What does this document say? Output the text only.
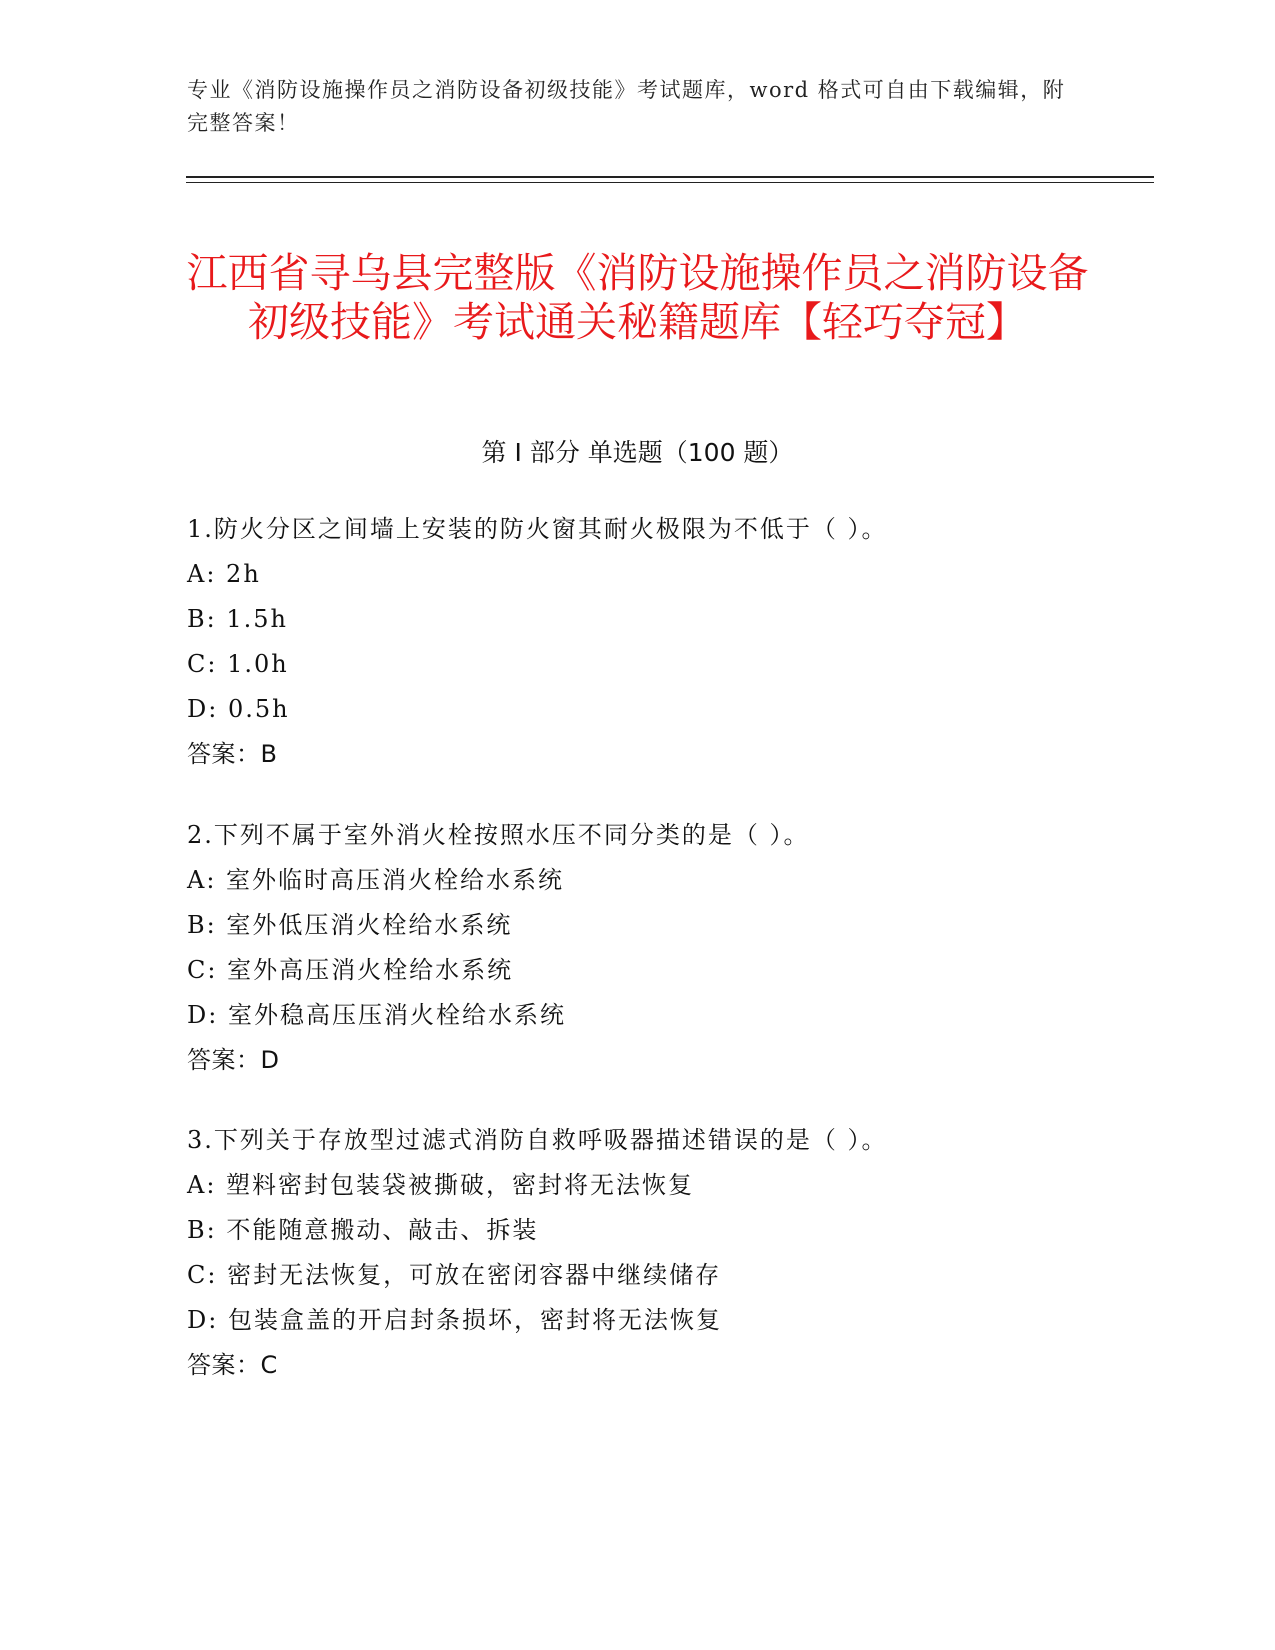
专业《消防设施操作员之消防设备初级技能》考试题库，word 格式可自由下载编辑，附完整答案！
江西省寻乌县完整版《消防设施操作员之消防设备初级技能》考试通关秘籍题库【轻巧夺冠】
第 I 部分 单选题（100 题）
1.防火分区之间墙上安装的防火窗其耐火极限为不低于（ ）。
A: 2h
B: 1.5h
C: 1.0h
D: 0.5h
答案：B
2.下列不属于室外消火栓按照水压不同分类的是（ ）。
A: 室外临时高压消火栓给水系统
B: 室外低压消火栓给水系统
C: 室外高压消火栓给水系统
D: 室外稳高压压消火栓给水系统
答案：D
3.下列关于存放型过滤式消防自救呼吸器描述错误的是（ ）。
A: 塑料密封包装袋被撕破，密封将无法恢复
B: 不能随意搬动、敲击、拆装
C: 密封无法恢复，可放在密闭容器中继续储存
D: 包装盒盖的开启封条损坏，密封将无法恢复
答案：C
